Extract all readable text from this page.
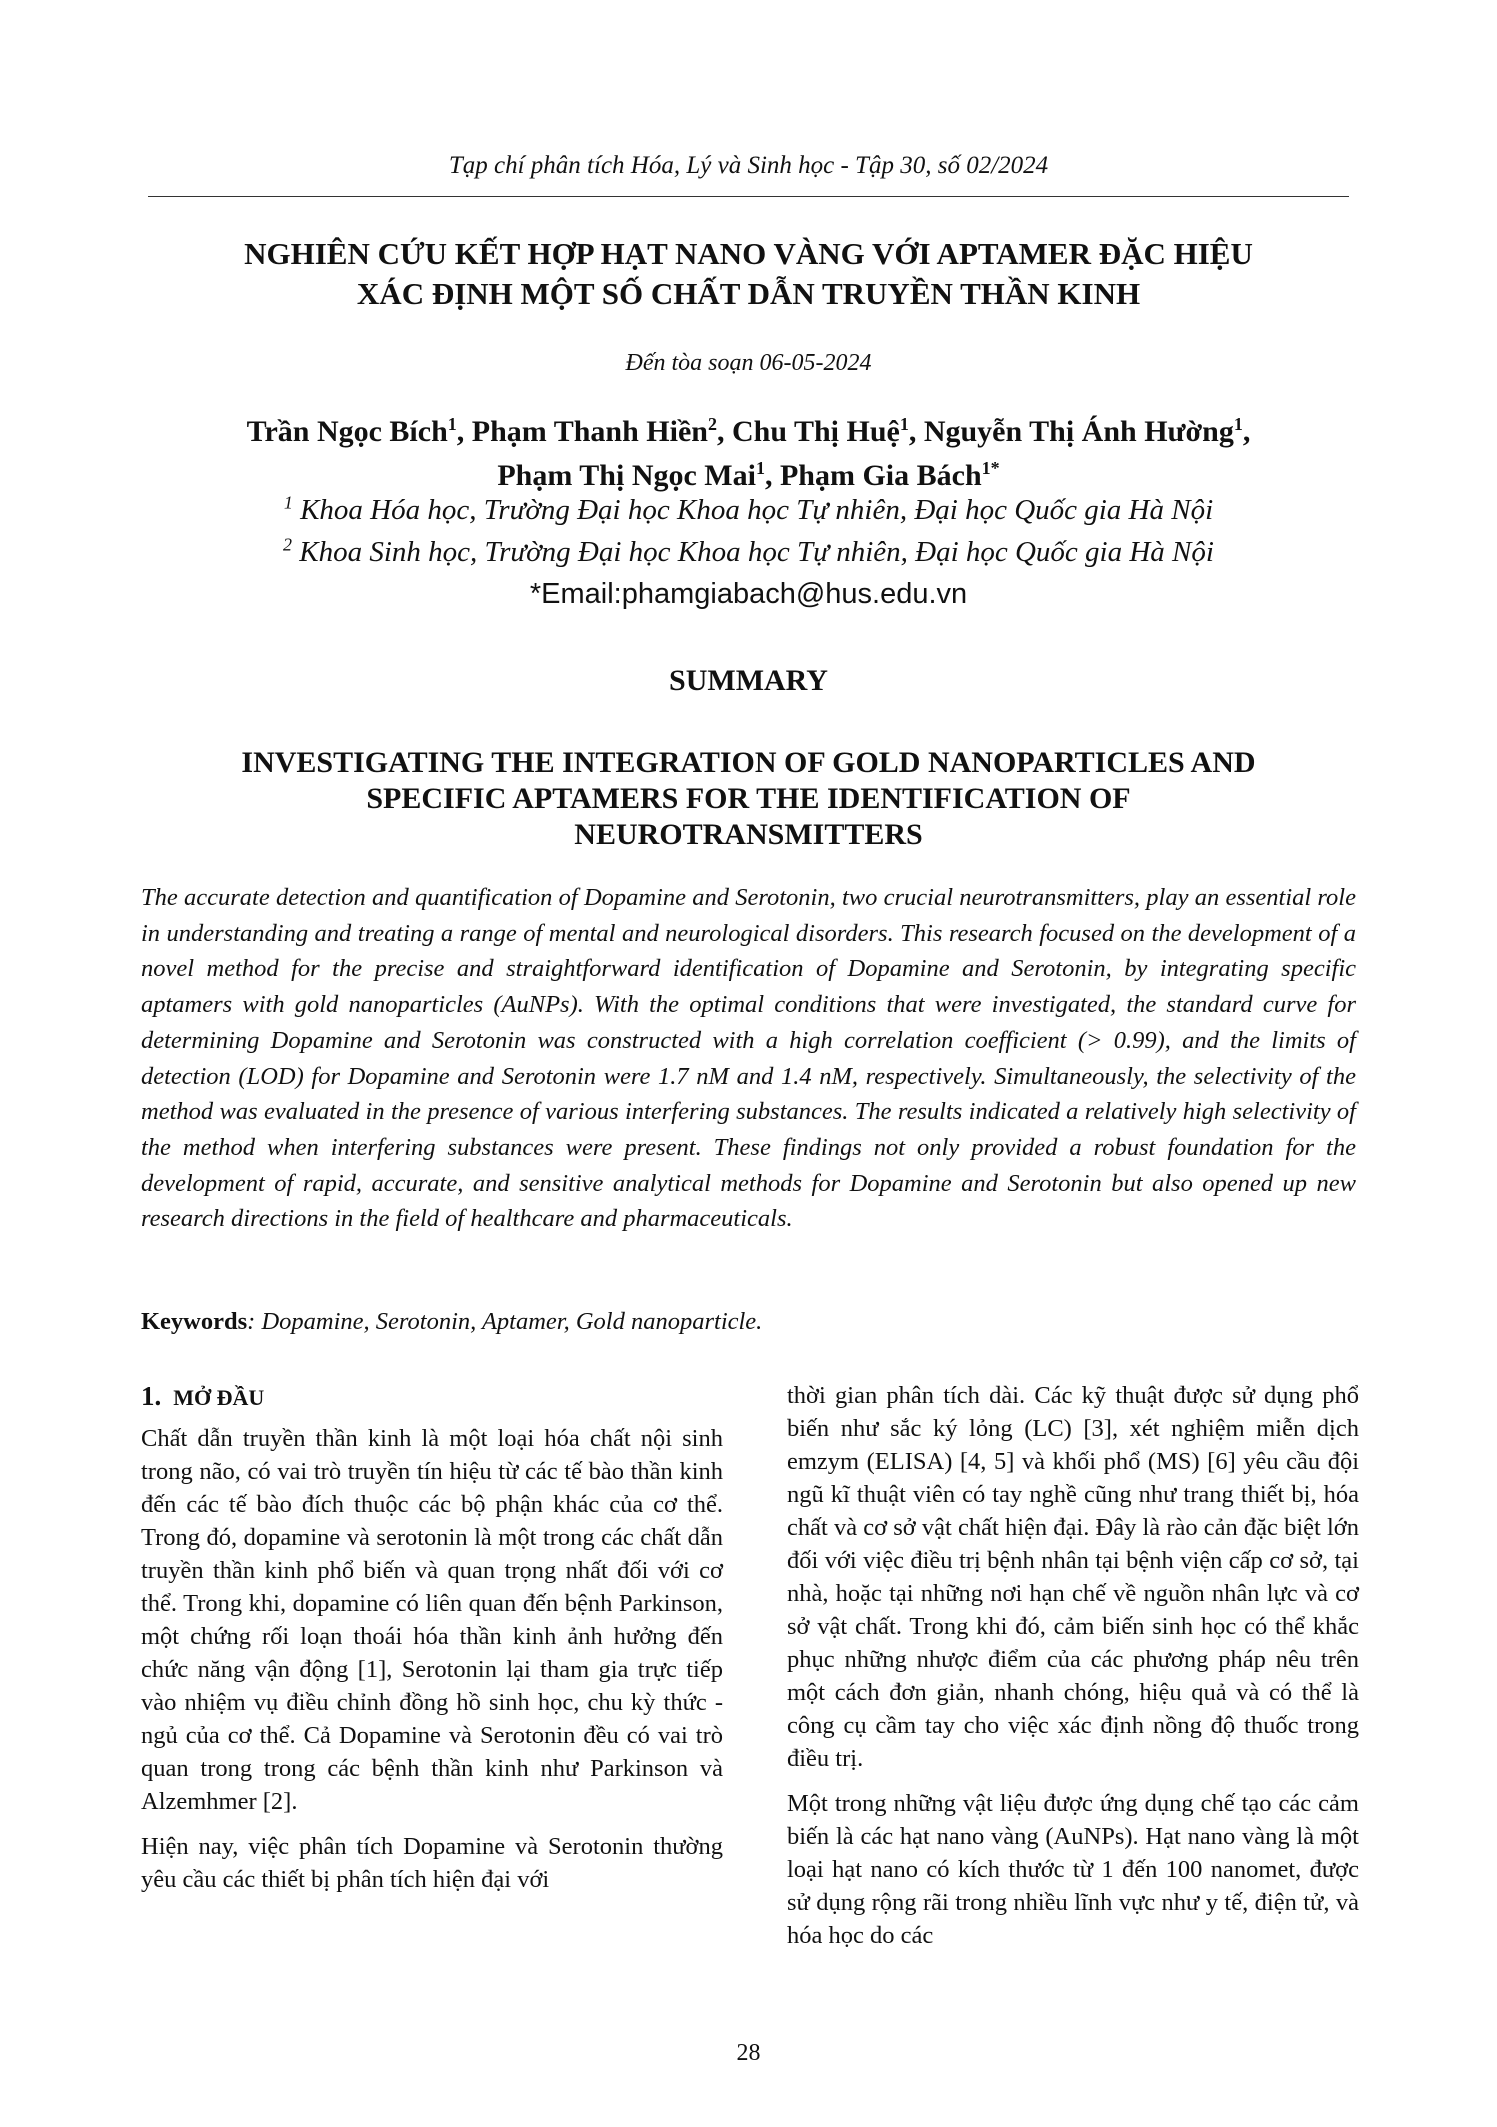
Tạp chí phân tích Hóa, Lý và Sinh học - Tập 30, số 02/2024
NGHIÊN CỨU KẾT HỢP HẠT NANO VÀNG VỚI APTAMER ĐẶC HIỆU
XÁC ĐỊNH MỘT SỐ CHẤT DẪN TRUYỀN THẦN KINH
Đến tòa soạn 06-05-2024
Trần Ngọc Bích$^1$, Phạm Thanh Hiền$^2$, Chu Thị Huệ$^1$, Nguyễn Thị Ánh Hường$^1$,
Phạm Thị Ngọc Mai$^1$, Phạm Gia Bách$^{1*}$
$^1$ Khoa Hóa học, Trường Đại học Khoa học Tự nhiên, Đại học Quốc gia Hà Nội
$^2$ Khoa Sinh học, Trường Đại học Khoa học Tự nhiên, Đại học Quốc gia Hà Nội
*Email:phamgiabach@hus.edu.vn
SUMMARY
INVESTIGATING THE INTEGRATION OF GOLD NANOPARTICLES AND
SPECIFIC APTAMERS FOR THE IDENTIFICATION OF
NEUROTRANSMITTERS

The accurate detection and quantification of Dopamine and Serotonin, two crucial neurotransmitters, play an essential role in understanding and treating a range of mental and neurological disorders. This research focused on the development of a novel method for the precise and straightforward identification of Dopamine and Serotonin, by integrating specific aptamers with gold nanoparticles (AuNPs). With the optimal conditions that were investigated, the standard curve for determining Dopamine and Serotonin was constructed with a high correlation coefficient (> 0.99), and the limits of detection (LOD) for Dopamine and Serotonin were 1.7 nM and 1.4 nM, respectively. Simultaneously, the selectivity of the method was evaluated in the presence of various interfering substances. The results indicated a relatively high selectivity of the method when interfering substances were present. These findings not only provided a robust foundation for the development of rapid, accurate, and sensitive analytical methods for Dopamine and Serotonin but also opened up new research directions in the field of healthcare and pharmaceuticals.

Keywords: Dopamine, Serotonin, Aptamer, Gold nanoparticle.
1. MỞ ĐẦU

Chất dẫn truyền thần kinh là một loại hóa chất nội sinh trong não, có vai trò truyền tín hiệu từ các tế bào thần kinh đến các tế bào đích thuộc các bộ phận khác của cơ thể. Trong đó, dopamine và serotonin là một trong các chất dẫn truyền thần kinh phổ biến và quan trọng nhất đối với cơ thể. Trong khi, dopamine có liên quan đến bệnh Parkinson, một chứng rối loạn thoái hóa thần kinh ảnh hưởng đến chức năng vận động [1], Serotonin lại tham gia trực tiếp vào nhiệm vụ điều chỉnh đồng hồ sinh học, chu kỳ thức - ngủ của cơ thể. Cả Dopamine và Serotonin đều có vai trò quan trong trong các bệnh thần kinh như Parkinson và Alzemhmer [2].

Hiện nay, việc phân tích Dopamine và Serotonin thường yêu cầu các thiết bị phân tích hiện đại với

thời gian phân tích dài. Các kỹ thuật được sử dụng phổ biến như sắc ký lỏng (LC) [3], xét nghiệm miễn dịch emzym (ELISA) [4, 5] và khối phổ (MS) [6] yêu cầu đội ngũ kĩ thuật viên có tay nghề cũng như trang thiết bị, hóa chất và cơ sở vật chất hiện đại. Đây là rào cản đặc biệt lớn đối với việc điều trị bệnh nhân tại bệnh viện cấp cơ sở, tại nhà, hoặc tại những nơi hạn chế về nguồn nhân lực và cơ sở vật chất. Trong khi đó, cảm biến sinh học có thể khắc phục những nhược điểm của các phương pháp nêu trên một cách đơn giản, nhanh chóng, hiệu quả và có thể là công cụ cầm tay cho việc xác định nồng độ thuốc trong điều trị.

Một trong những vật liệu được ứng dụng chế tạo các cảm biến là các hạt nano vàng (AuNPs). Hạt nano vàng là một loại hạt nano có kích thước từ 1 đến 100 nanomet, được sử dụng rộng rãi trong nhiều lĩnh vực như y tế, điện tử, và hóa học do các

28
